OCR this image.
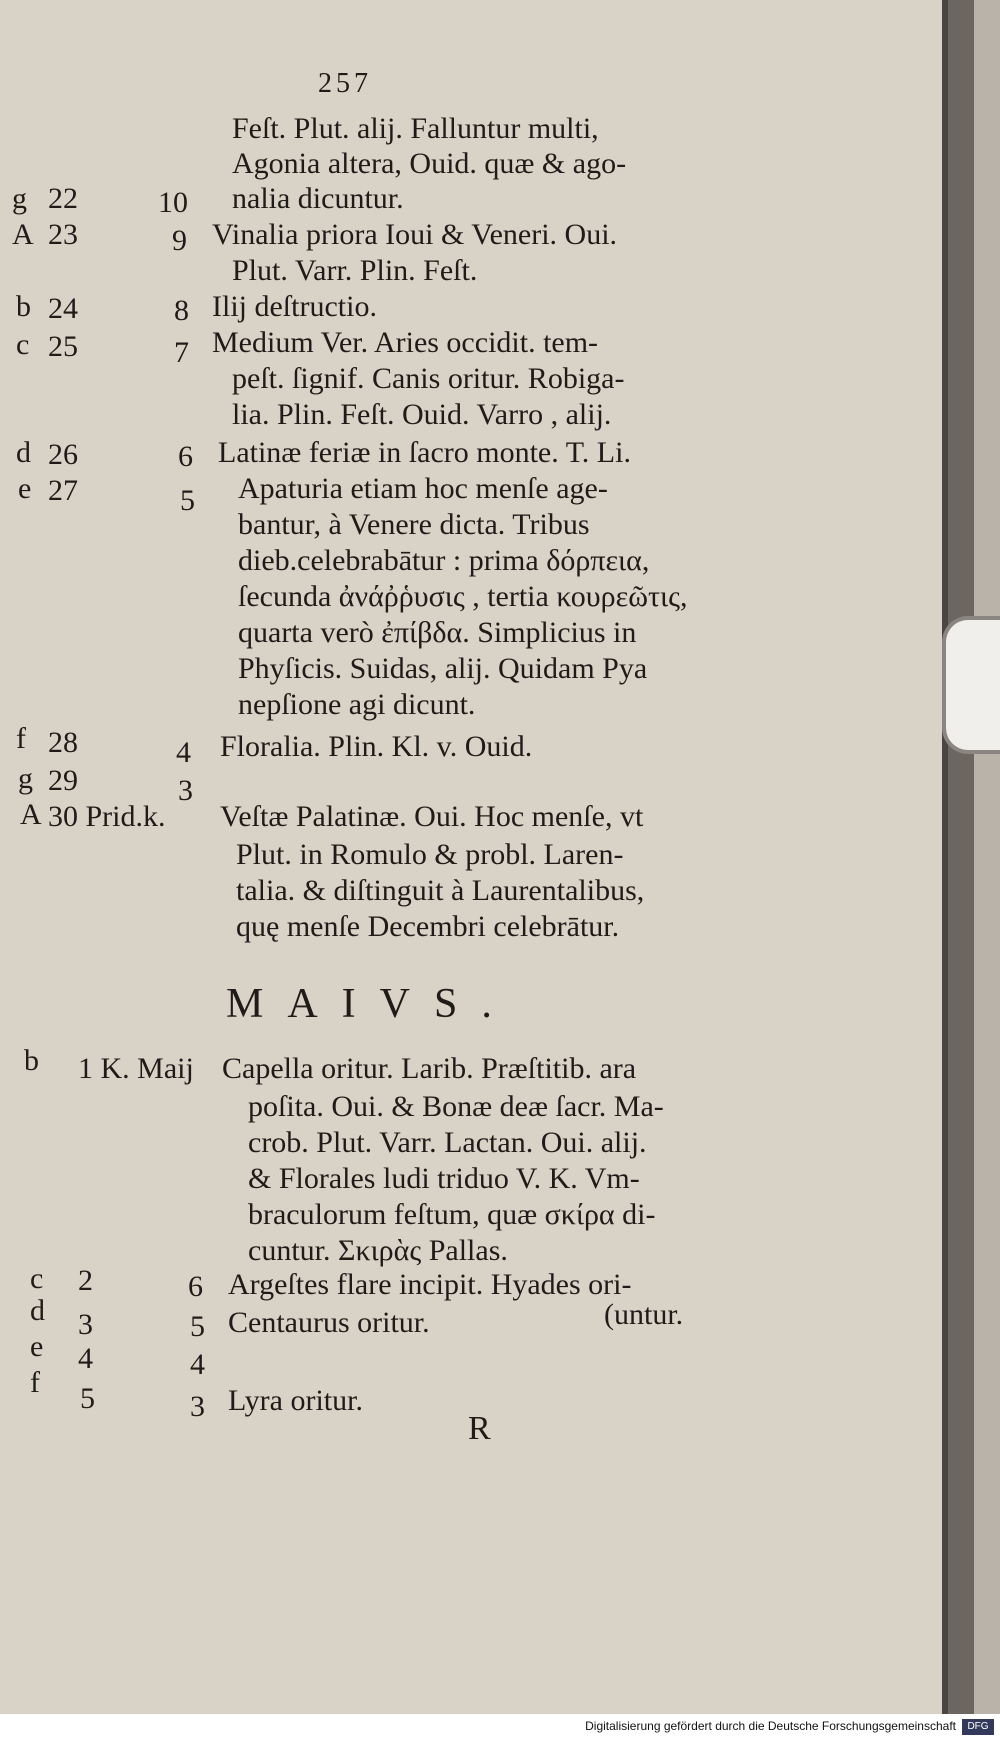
257
Feſt. Plut. alij. Falluntur multi,
Agonia altera, Ouid. quæ & ago-
g 22	10 nalia dicuntur.
A 23	9 Vinalia priora Ioui & Veneri. Oui.
Plut. Varr. Plin. Feſt.
b 24	8 Ilij deſtructio.
c 25	7 Medium Ver. Aries occidit. tem-
peſt. ſignif. Canis oritur. Robiga-
lia. Plin. Feſt. Ouid. Varro , alij.
d 26	6 Latinæ feriæ in ſacro monte. T. Li.
e 27	5 Apaturia etiam hoc menſe age-
bantur, à Venere dicta. Tribus
dieb.celebrabātur : prima δόρπεια,
ſecunda ἀνάῤῥυσις , tertia κουρεῶτις,
quarta verò ἐπίβδα. Simplicius in
Phyſicis. Suidas, alij. Quidam Pya
nepſione agi dicunt.
f 28	4 Floralia. Plin. Kl. v. Ouid.
g 29	3
A 30 Prid.k. Veſtæ Palatinæ. Oui. Hoc menſe, vt
Plut. in Romulo & probl. Laren-
talia. & diſtinguit à Laurentalibus,
quę menſe Decembri celebrātur.
MAIVS.
b 1 K. Maij Capella oritur. Larib. Præſtitib. ara
poſita. Oui. & Bonæ deæ ſacr. Ma-
crob. Plut. Varr. Lactan. Oui. alij.
& Florales ludi triduo V. K. Vm-
braculorum feſtum, quæ σκίρα di-
cuntur. Σκιρὰς Pallas.
c 2	6 Argeſtes flare incipit. Hyades ori-
d 3	5 Centaurus oritur.	(untur.
e 4	4
f 5	3 Lyra oritur.
R
Digitalisierung gefördert durch die Deutsche Forschungsgemeinschaft	DFG
